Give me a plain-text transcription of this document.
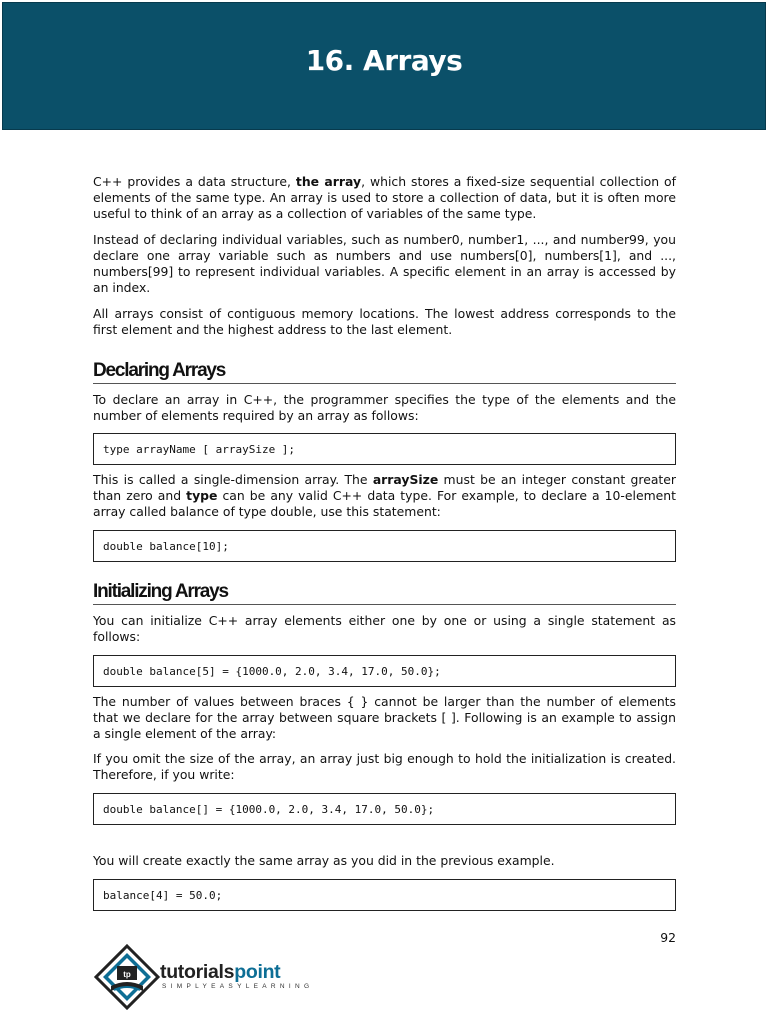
16. Arrays

C++ provides a data structure, the array, which stores a fixed-size sequential collection of elements of the same type. An array is used to store a collection of data, but it is often more useful to think of an array as a collection of variables of the same type.

Instead of declaring individual variables, such as number0, number1, ..., and number99, you declare one array variable such as numbers and use numbers[0], numbers[1], and ..., numbers[99] to represent individual variables. A specific element in an array is accessed by an index.

All arrays consist of contiguous memory locations. The lowest address corresponds to the first element and the highest address to the last element.

Declaring Arrays

To declare an array in C++, the programmer specifies the type of the elements and the number of elements required by an array as follows:

type arrayName [ arraySize ];

This is called a single-dimension array. The arraySize must be an integer constant greater than zero and type can be any valid C++ data type. For example, to declare a 10-element array called balance of type double, use this statement:

double balance[10];
Initializing Arrays

You can initialize C++ array elements either one by one or using a single statement as follows:

double balance[5] = {1000.0, 2.0, 3.4, 17.0, 50.0};

The number of values between braces { } cannot be larger than the number of elements that we declare for the array between square brackets [ ]. Following is an example to assign a single element of the array:

If you omit the size of the array, an array just big enough to hold the initialization is created. Therefore, if you write:

double balance[] = {1000.0, 2.0, 3.4, 17.0, 50.0};

You will create exactly the same array as you did in the previous example.

balance[4] = 50.0;
92
tp tutorialspoint
SIMPLYEASYLEARNING
